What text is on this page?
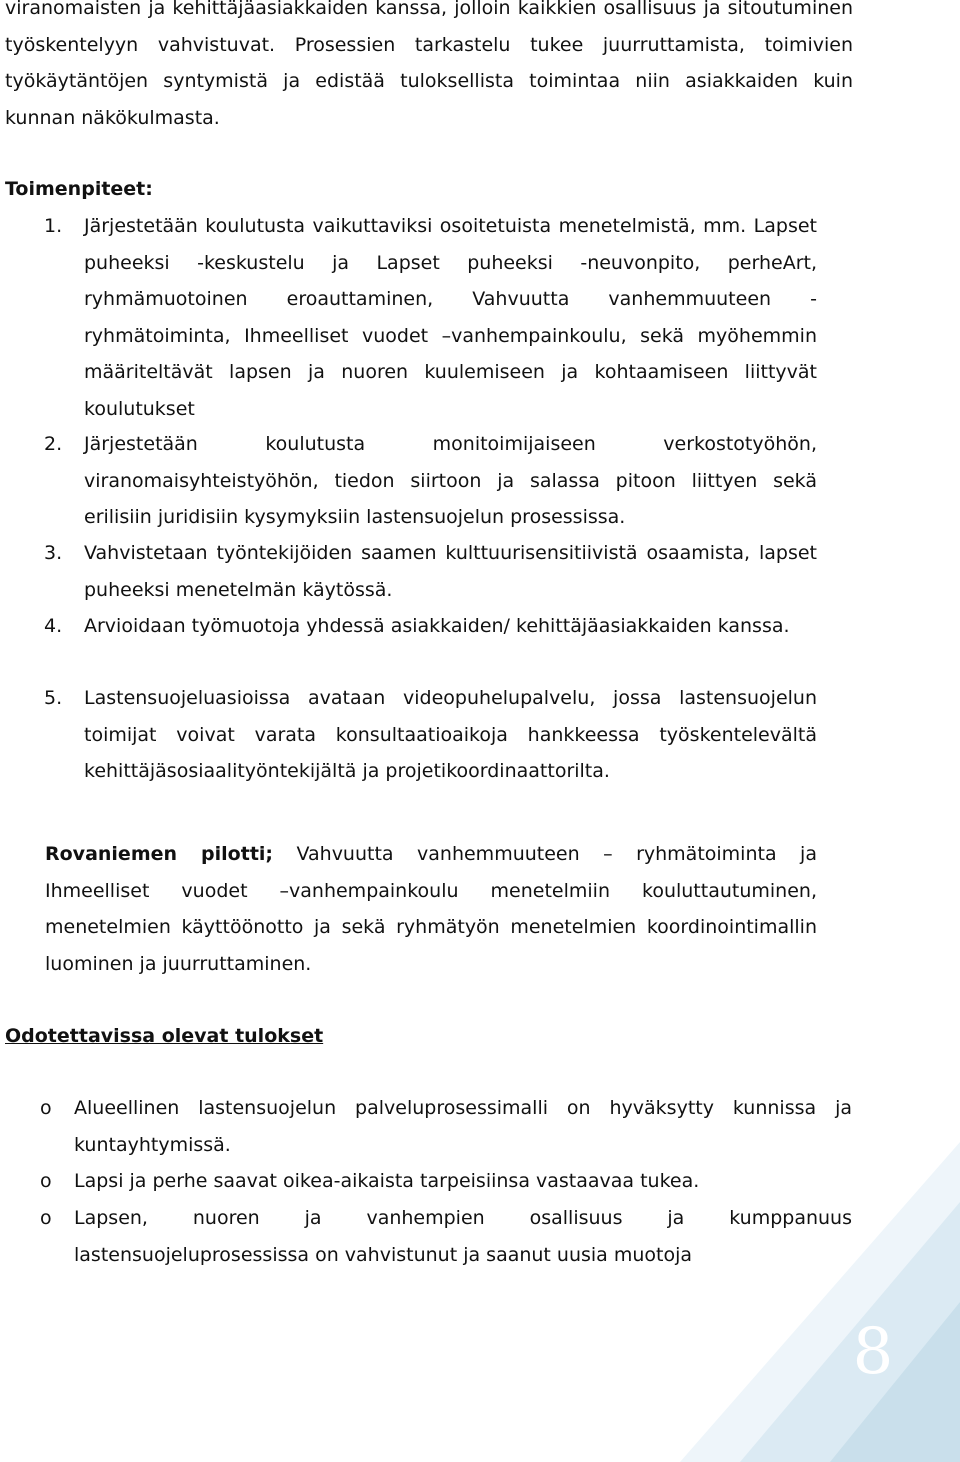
viranomaisten ja kehittäjäasiakkaiden kanssa, jolloin kaikkien osallisuus ja sitoutuminen työskentelyyn vahvistuvat. Prosessien tarkastelu tukee juurruttamista, toimivien työkäytäntöjen syntymistä ja edistää tuloksellista toimintaa niin asiakkaiden kuin kunnan näkökulmasta.

Toimenpiteet:

1. Järjestetään koulutusta vaikuttaviksi osoitetuista menetelmistä, mm. Lapset puheeksi -keskustelu ja Lapset puheeksi -neuvonpito, perheArt, ryhmämuotoinen eroauttaminen, Vahvuutta vanhemmuuteen -ryhmätoiminta, Ihmeelliset vuodet –vanhempainkoulu, sekä myöhemmin määriteltävät lapsen ja nuoren kuulemiseen ja kohtaamiseen liittyvät koulutukset
2. Järjestetään koulutusta monitoimijaiseen verkostotyöhön, viranomaisyhteistyöhön, tiedon siirtoon ja salassa pitoon liittyen sekä erilisiin juridisiin kysymyksiin lastensuojelun prosessissa.
3. Vahvistetaan työntekijöiden saamen kulttuurisensitiivistä osaamista, lapset puheeksi menetelmän käytössä.
4. Arvioidaan työmuotoja yhdessä asiakkaiden/ kehittäjäasiakkaiden kanssa.
5. Lastensuojeluasioissa avataan videopuhelupalvelu, jossa lastensuojelun toimijat voivat varata konsultaatioaikoja hankkeessa työskentelevältä kehittäjäsosiaalityöntekijältä ja projetikoordinaattorilta.

Rovaniemen pilotti; Vahvuutta vanhemmuuteen – ryhmätoiminta ja Ihmeelliset vuodet –vanhempainkoulu menetelmiin kouluttautuminen, menetelmien käyttöönotto ja sekä ryhmätyön menetelmien koordinointimallin luominen ja juurruttaminen.

Odotettavissa olevat tulokset

o Alueellinen lastensuojelun palveluprosessimalli on hyväksytty kunnissa ja kuntayhtymissä.
o Lapsi ja perhe saavat oikea-aikaista tarpeisiinsa vastaavaa tukea.
o Lapsen, nuoren ja vanhempien osallisuus ja kumppanuus lastensuojeluprosessissa on vahvistunut ja saanut uusia muotoja
8
